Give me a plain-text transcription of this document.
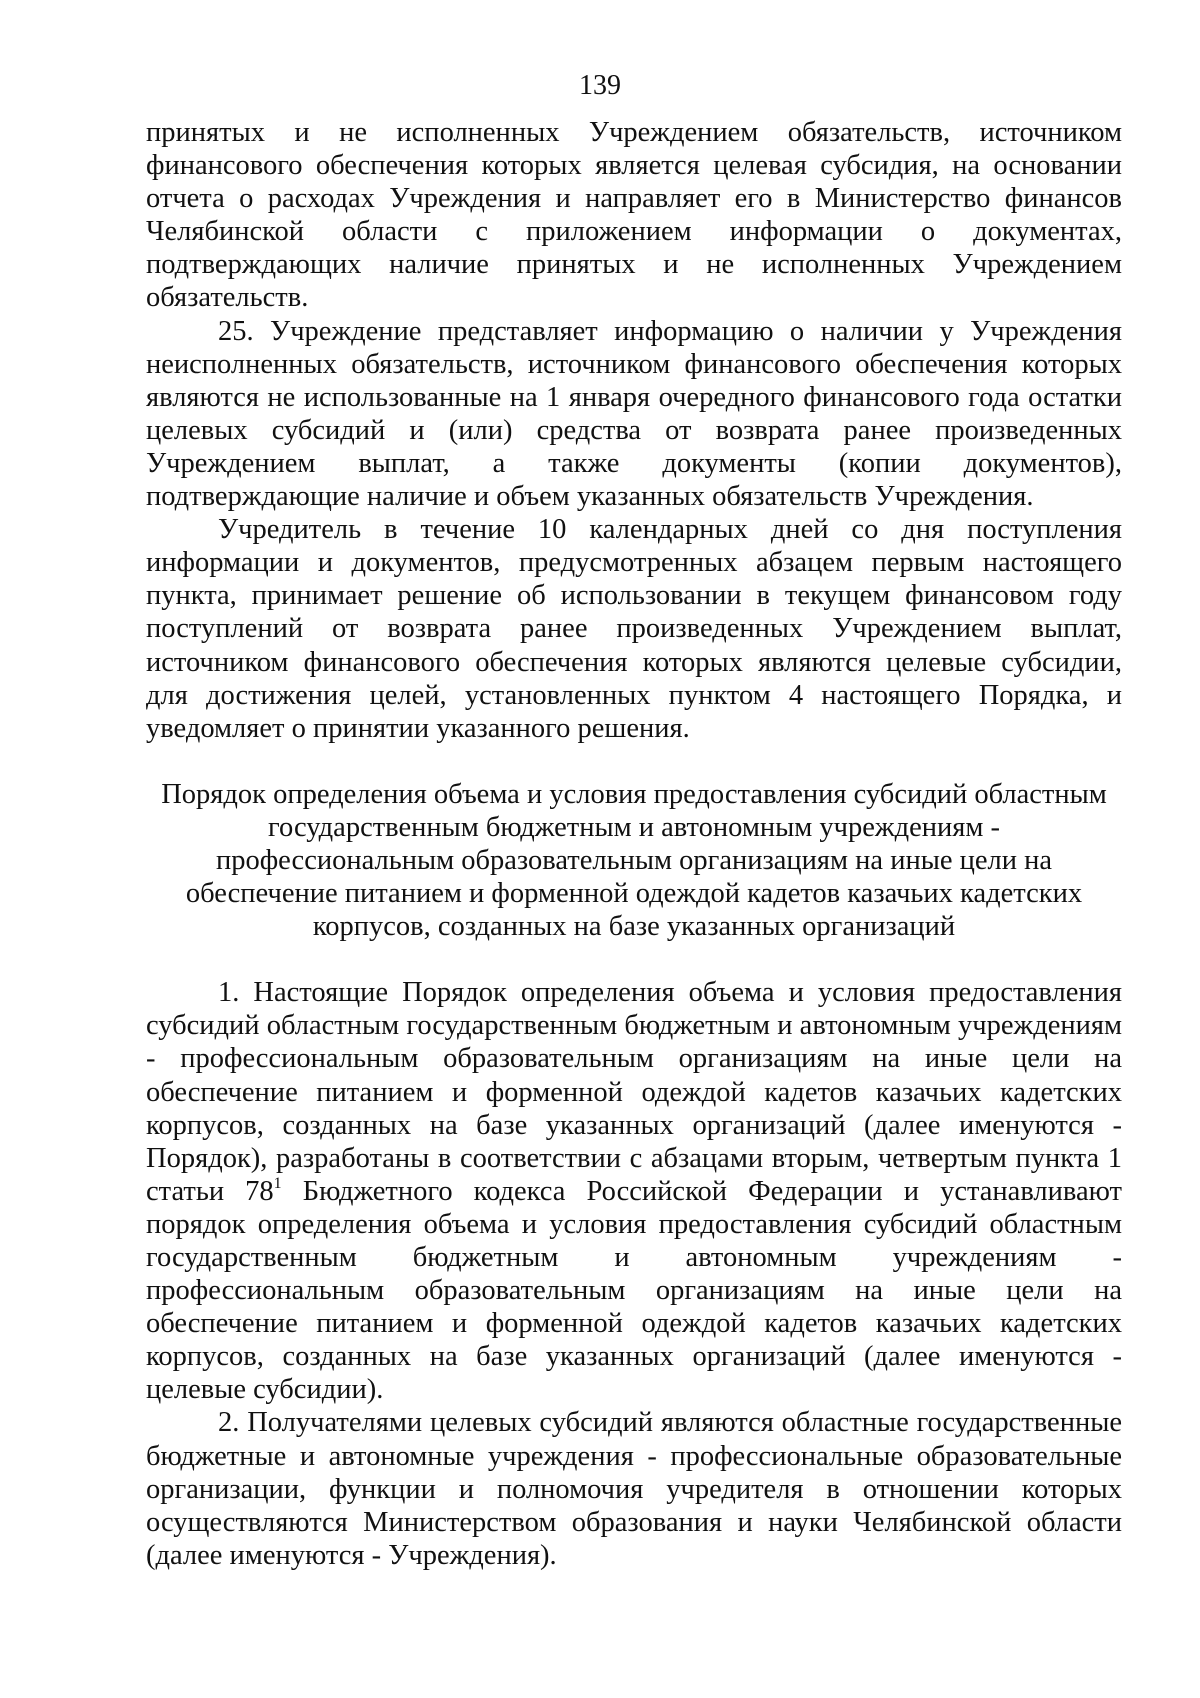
139

принятых и не исполненных Учреждением обязательств, источником финансового обеспечения которых является целевая субсидия, на основании отчета о расходах Учреждения и направляет его в Министерство финансов Челябинской области с приложением информации о документах, подтверждающих наличие принятых и не исполненных Учреждением обязательств.

25. Учреждение представляет информацию о наличии у Учреждения неисполненных обязательств, источником финансового обеспечения которых являются не использованные на 1 января очередного финансового года остатки целевых субсидий и (или) средства от возврата ранее произведенных Учреждением выплат, а также документы (копии документов), подтверждающие наличие и объем указанных обязательств Учреждения.

Учредитель в течение 10 календарных дней со дня поступления информации и документов, предусмотренных абзацем первым настоящего пункта, принимает решение об использовании в текущем финансовом году поступлений от возврата ранее произведенных Учреждением выплат, источником финансового обеспечения которых являются целевые субсидии, для достижения целей, установленных пунктом 4 настоящего Порядка, и уведомляет о принятии указанного решения.

Порядок определения объема и условия предоставления субсидий областным государственным бюджетным и автономным учреждениям - профессиональным образовательным организациям на иные цели на обеспечение питанием и форменной одеждой кадетов казачьих кадетских корпусов, созданных на базе указанных организаций

1. Настоящие Порядок определения объема и условия предоставления субсидий областным государственным бюджетным и автономным учреждениям - профессиональным образовательным организациям на иные цели на обеспечение питанием и форменной одеждой кадетов казачьих кадетских корпусов, созданных на базе указанных организаций (далее именуются - Порядок), разработаны в соответствии с абзацами вторым, четвертым пункта 1 статьи $78^1$ Бюджетного кодекса Российской Федерации и устанавливают порядок определения объема и условия предоставления субсидий областным государственным бюджетным и автономным учреждениям - профессиональным образовательным организациям на иные цели на обеспечение питанием и форменной одеждой кадетов казачьих кадетских корпусов, созданных на базе указанных организаций (далее именуются - целевые субсидии).

2. Получателями целевых субсидий являются областные государственные бюджетные и автономные учреждения - профессиональные образовательные организации, функции и полномочия учредителя в отношении которых осуществляются Министерством образования и науки Челябинской области (далее именуются - Учреждения).
